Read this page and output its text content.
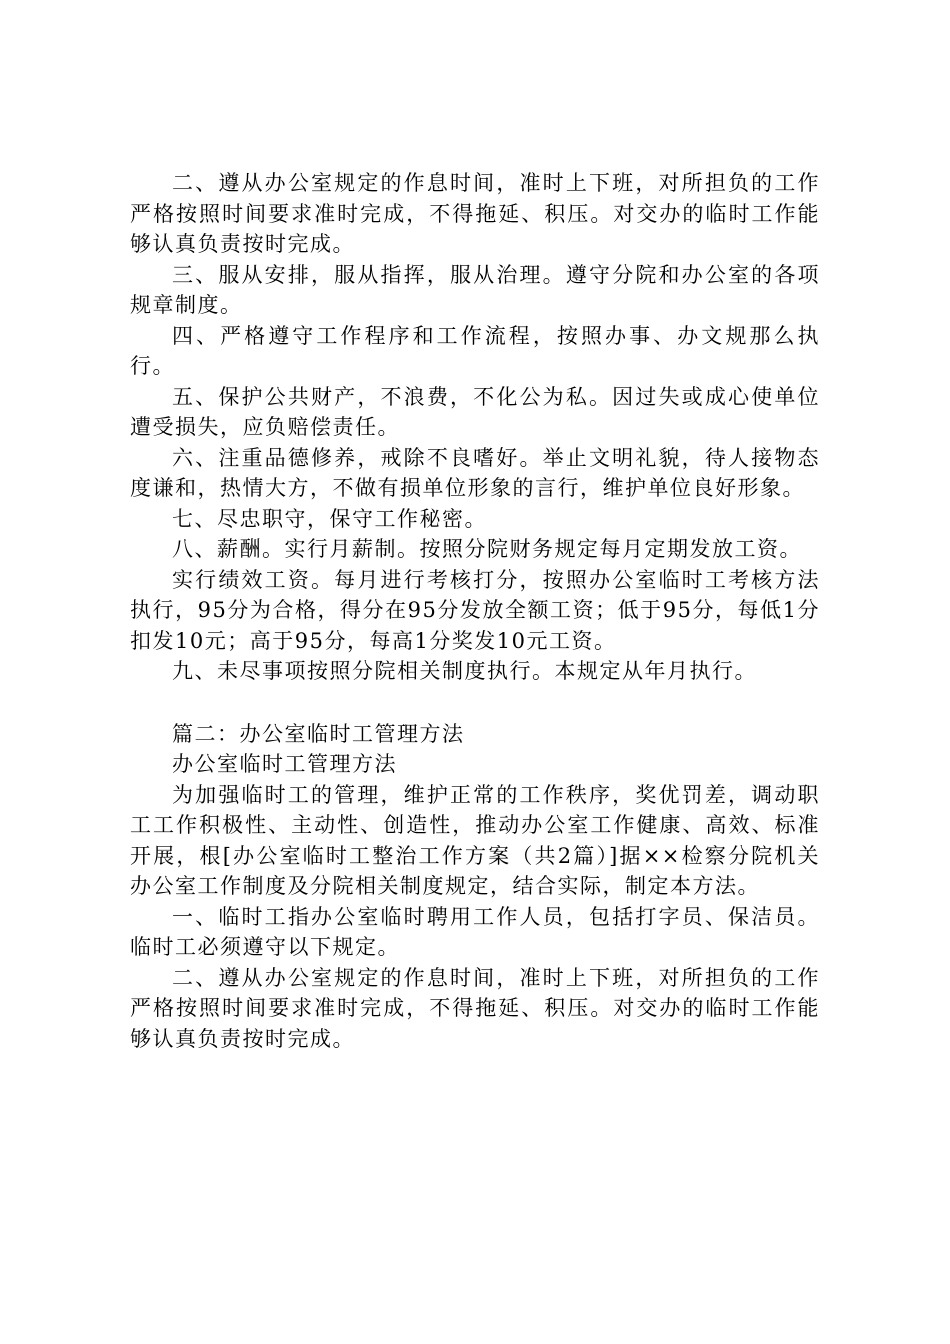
二、遵从办公室规定的作息时间，准时上下班，对所担负的工作严格按照时间要求准时完成，不得拖延、积压。对交办的临时工作能够认真负责按时完成。

三、服从安排，服从指挥，服从治理。遵守分院和办公室的各项规章制度。

四、严格遵守工作程序和工作流程，按照办事、办文规那么执行。

五、保护公共财产，不浪费，不化公为私。因过失或成心使单位遭受损失，应负赔偿责任。

六、注重品德修养，戒除不良嗜好。举止文明礼貌，待人接物态度谦和，热情大方，不做有损单位形象的言行，维护单位良好形象。

七、尽忠职守，保守工作秘密。

八、薪酬。实行月薪制。按照分院财务规定每月定期发放工资。

实行绩效工资。每月进行考核打分，按照办公室临时工考核方法执行，95分为合格，得分在95分发放全额工资；低于95分，每低1分扣发10元；高于95分，每高1分奖发10元工资。

九、未尽事项按照分院相关制度执行。本规定从年月执行。

篇二：办公室临时工管理方法

办公室临时工管理方法

为加强临时工的管理，维护正常的工作秩序，奖优罚差，调动职工工作积极性、主动性、创造性，推动办公室工作健康、高效、标准开展，根[办公室临时工整治工作方案（共2篇）]据××检察分院机关办公室工作制度及分院相关制度规定，结合实际，制定本方法。

一、临时工指办公室临时聘用工作人员，包括打字员、保洁员。临时工必须遵守以下规定。

二、遵从办公室规定的作息时间，准时上下班，对所担负的工作严格按照时间要求准时完成，不得拖延、积压。对交办的临时工作能够认真负责按时完成。
